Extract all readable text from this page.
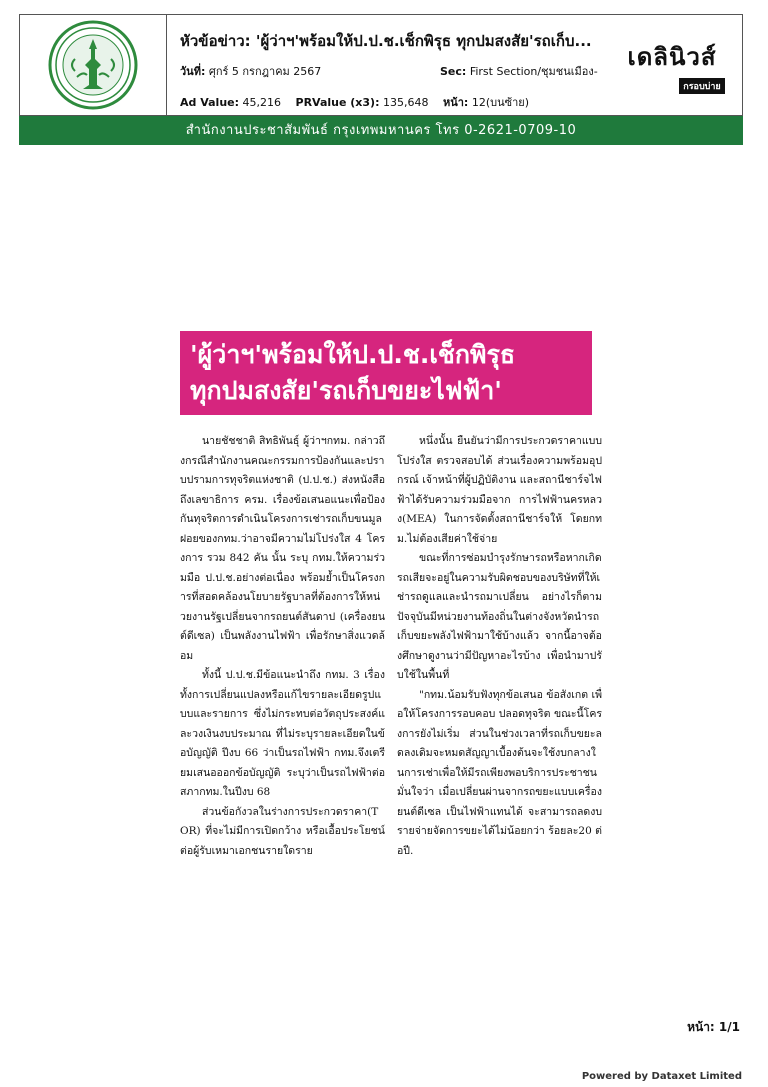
หัวข้อข่าว: 'ผู้ว่าฯ'พร้อมให้ป.ป.ช.เช็กพิรุธ ทุกปมสงสัย'รถเก็บ...
วันที่: ศุกร์ 5 กรกฎาคม 2567	Sec: First Section/ชุมชนเมือง-
Ad Value: 45,216 PRValue (x3): 135,648 หน้า: 12(บนซ้าย)
เดลินิวส์
กรอบบ่าย
สำนักงานประชาสัมพันธ์ กรุงเทพมหานคร โทร 0-2621-0709-10
'ผู้ว่าฯ'พร้อมให้ป.ป.ช.เช็กพิรุธ
ทุกปมสงสัย'รถเก็บขยะไฟฟ้า'

นายชัชชาติ สิทธิพันธุ์ ผู้ว่าฯกทม. กล่าวถึงกรณีสำนักงานคณะกรรมการป้องกันและปราบปรามการทุจริตแห่งชาติ (ป.ป.ช.) ส่งหนังสือถึงเลขาธิการ ครม. เรื่องข้อเสนอแนะเพื่อป้องกันทุจริตการดำเนินโครงการเช่ารถเก็บขนมูลฝอยของกทม.ว่าอาจมีความไม่โปร่งใส 4 โครงการ รวม 842 คัน นั้น ระบุ กทม.ให้ความร่วมมือ ป.ป.ช.อย่างต่อเนื่อง พร้อมย้ำเป็นโครงการที่สอดคล้องนโยบายรัฐบาลที่ต้องการให้หน่วยงานรัฐเปลี่ยนจากรถยนต์สันดาป (เครื่องยนต์ดีเซล) เป็นพลังงานไฟฟ้า เพื่อรักษาสิ่งแวดล้อม

ทั้งนี้ ป.ป.ช.มีข้อแนะนำถึง กทม. 3 เรื่อง ทั้งการเปลี่ยนแปลงหรือแก้ไขรายละเอียดรูปแบบและรายการ ซึ่งไม่กระทบต่อวัตถุประสงค์และวงเงินงบประมาณ ที่ไม่ระบุรายละเอียดในข้อบัญญัติ ปีงบ 66 ว่าเป็นรถไฟฟ้า กทม.จึงเตรียมเสนอออกข้อบัญญัติ ระบุว่าเป็นรถไฟฟ้าต่อสภากทม.ในปีงบ 68

ส่วนข้อกังวลในร่างการประกวดราคา(TOR) ที่จะไม่มีการเปิดกว้าง หรือเอื้อประโยชน์ต่อผู้รับเหมาเอกชนรายใดราย

หนึ่งนั้น ยืนยันว่ามีการประกวดราคาแบบโปร่งใส ตรวจสอบได้ ส่วนเรื่องความพร้อมอุปกรณ์ เจ้าหน้าที่ผู้ปฏิบัติงาน และสถานีชาร์จไฟฟ้าได้รับความร่วมมือจาก การไฟฟ้านครหลวง(MEA) ในการจัดตั้งสถานีชาร์จให้ โดยกทม.ไม่ต้องเสียค่าใช้จ่าย

ขณะที่การซ่อมบำรุงรักษารถหรือหากเกิดรถเสียจะอยู่ในความรับผิดชอบของบริษัทที่ให้เช่ารถดูแลและนำรถมาเปลี่ยน อย่างไรก็ตาม ปัจจุบันมีหน่วยงานท้องถิ่นในต่างจังหวัดนำรถเก็บขยะพลังไฟฟ้ามาใช้บ้างแล้ว จากนี้อาจต้องศึกษาดูงานว่ามีปัญหาอะไรบ้าง เพื่อนำมาปรับใช้ในพื้นที่

"กทม.น้อมรับฟังทุกข้อเสนอ ข้อสังเกต เพื่อให้โครงการรอบคอบ ปลอดทุจริต ขณะนี้โครงการยังไม่เริ่ม ส่วนในช่วงเวลาที่รถเก็บขยะลดลงเดิมจะหมดสัญญาเบื้องต้นจะใช้งบกลางในการเช่าเพื่อให้มีรถเพียงพอบริการประชาชน มั่นใจว่า เมื่อเปลี่ยนผ่านจากรถขยะแบบเครื่องยนต์ดีเซล เป็นไฟฟ้าแทนได้ จะสามารถลดงบรายจ่ายจัดการขยะได้ไม่น้อยกว่า ร้อยละ20 ต่อปี.

หน้า: 1/1
Powered by Dataxet Limited
